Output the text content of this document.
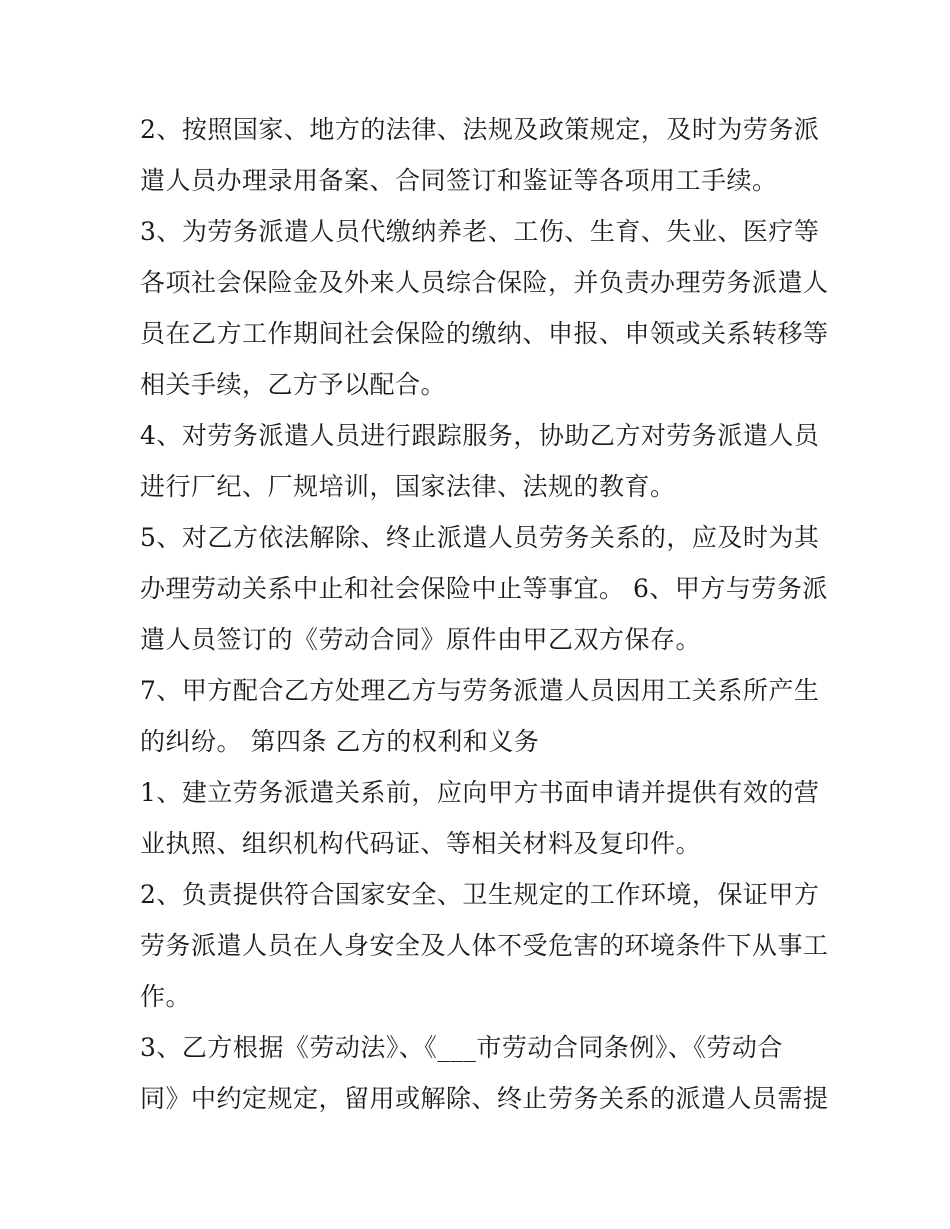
2、按照国家、地方的法律、法规及政策规定，及时为劳务派
遣人员办理录用备案、合同签订和鉴证等各项用工手续。
3、为劳务派遣人员代缴纳养老、工伤、生育、失业、医疗等
各项社会保险金及外来人员综合保险，并负责办理劳务派遣人
员在乙方工作期间社会保险的缴纳、申报、申领或关系转移等
相关手续，乙方予以配合。
4、对劳务派遣人员进行跟踪服务，协助乙方对劳务派遣人员
进行厂纪、厂规培训，国家法律、法规的教育。
5、对乙方依法解除、终止派遣人员劳务关系的，应及时为其
办理劳动关系中止和社会保险中止等事宜。 6、甲方与劳务派
遣人员签订的《劳动合同》原件由甲乙双方保存。
7、甲方配合乙方处理乙方与劳务派遣人员因用工关系所产生
的纠纷。 第四条 乙方的权利和义务
1、建立劳务派遣关系前，应向甲方书面申请并提供有效的营
业执照、组织机构代码证、等相关材料及复印件。
2、负责提供符合国家安全、卫生规定的工作环境，保证甲方
劳务派遣人员在人身安全及人体不受危害的环境条件下从事工
作。
3、乙方根据《劳动法》、《___市劳动合同条例》、《劳动合
同》中约定规定，留用或解除、终止劳务关系的派遣人员需提
